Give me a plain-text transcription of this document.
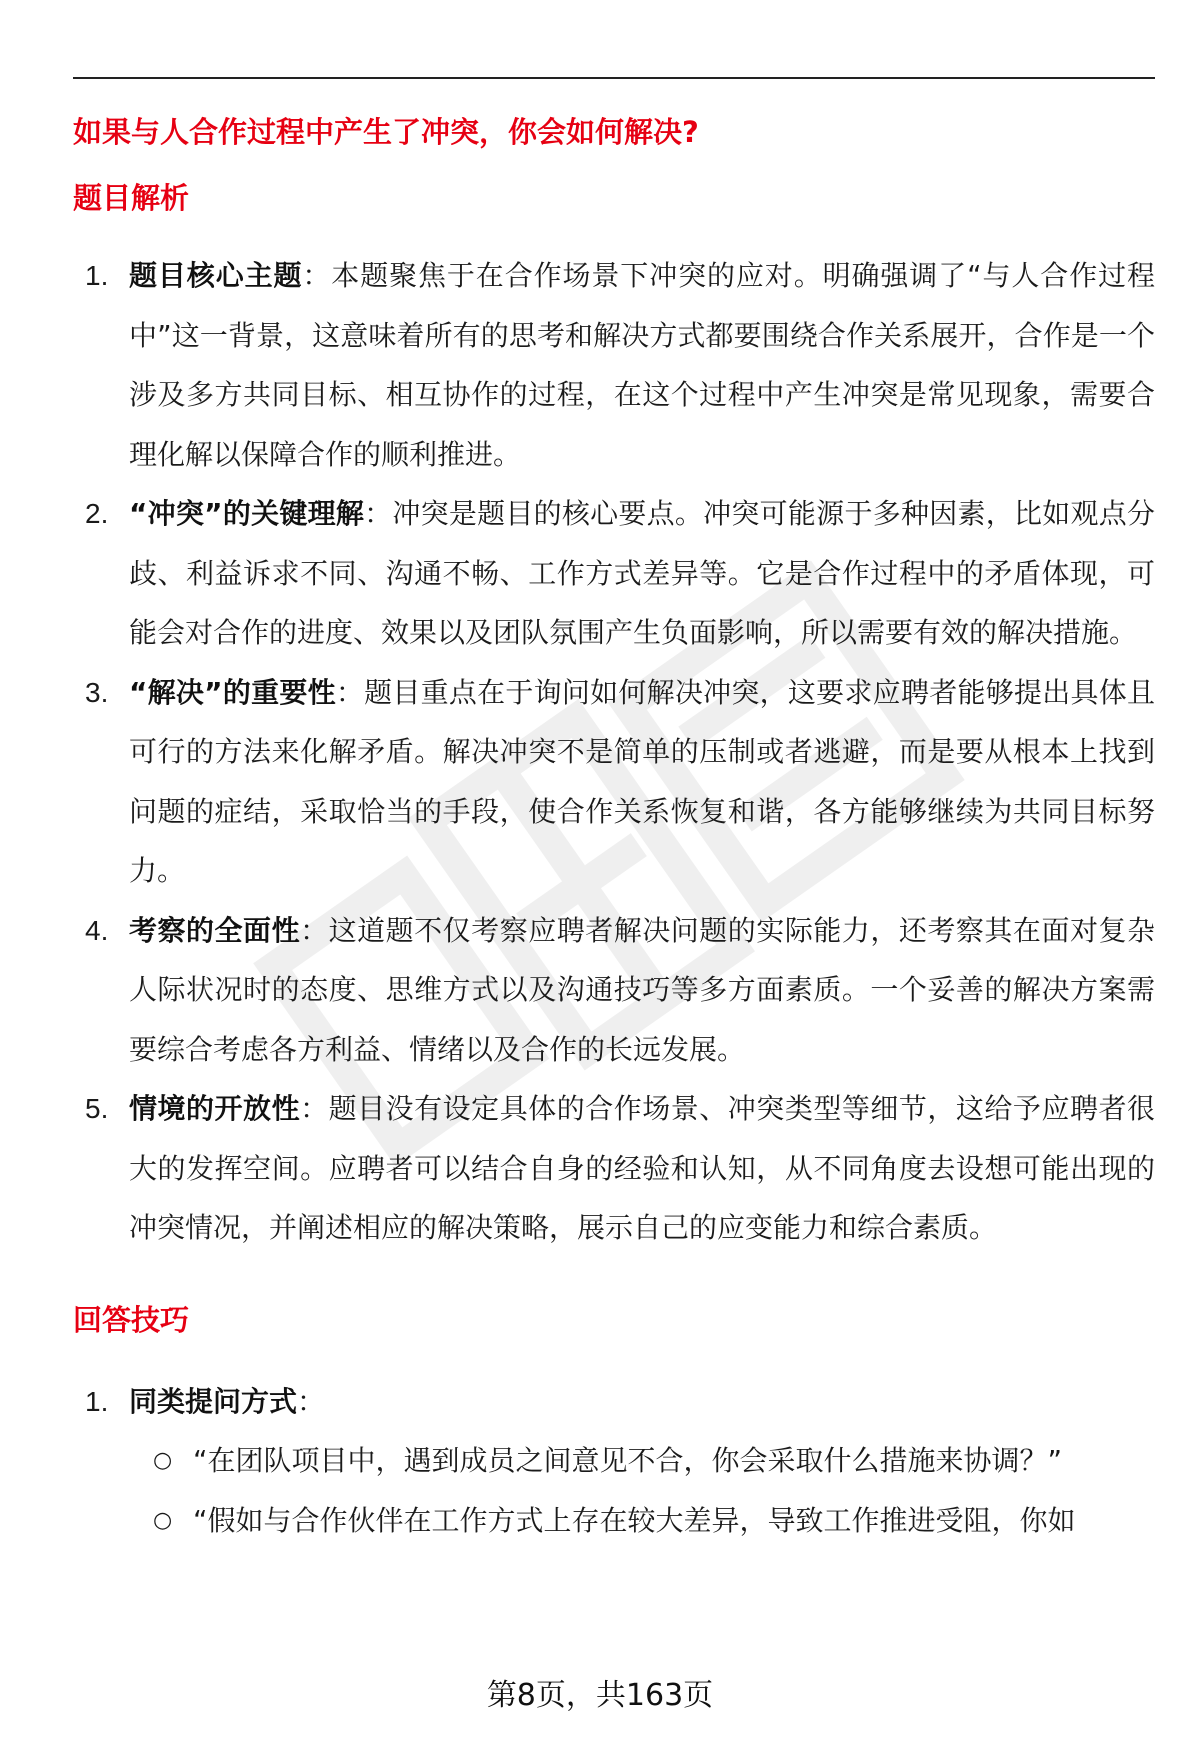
如果与人合作过程中产生了冲突，你会如何解决?
题目解析
1. 题目核心主题：本题聚焦于在合作场景下冲突的应对。明确强调了“与人合作过程中”这一背景，这意味着所有的思考和解决方式都要围绕合作关系展开，合作是一个涉及多方共同目标、相互协作的过程，在这个过程中产生冲突是常见现象，需要合理化解以保障合作的顺利推进。
2. “冲突”的关键理解：冲突是题目的核心要点。冲突可能源于多种因素，比如观点分歧、利益诉求不同、沟通不畅、工作方式差异等。它是合作过程中的矛盾体现，可能会对合作的进度、效果以及团队氛围产生负面影响，所以需要有效的解决措施。
3. “解决”的重要性：题目重点在于询问如何解决冲突，这要求应聘者能够提出具体且可行的方法来化解矛盾。解决冲突不是简单的压制或者逃避，而是要从根本上找到问题的症结，采取恰当的手段，使合作关系恢复和谐，各方能够继续为共同目标努力。
4. 考察的全面性：这道题不仅考察应聘者解决问题的实际能力，还考察其在面对复杂人际状况时的态度、思维方式以及沟通技巧等多方面素质。一个妥善的解决方案需要综合考虑各方利益、情绪以及合作的长远发展。
5. 情境的开放性：题目没有设定具体的合作场景、冲突类型等细节，这给予应聘者很大的发挥空间。应聘者可以结合自身的经验和认知，从不同角度去设想可能出现的冲突情况，并阐述相应的解决策略，展示自己的应变能力和综合素质。
回答技巧
1. 同类提问方式：
○ “在团队项目中，遇到成员之间意见不合，你会采取什么措施来协调？”
○ “假如与合作伙伴在工作方式上存在较大差异，导致工作推进受阻，你如
第8页，共163页
